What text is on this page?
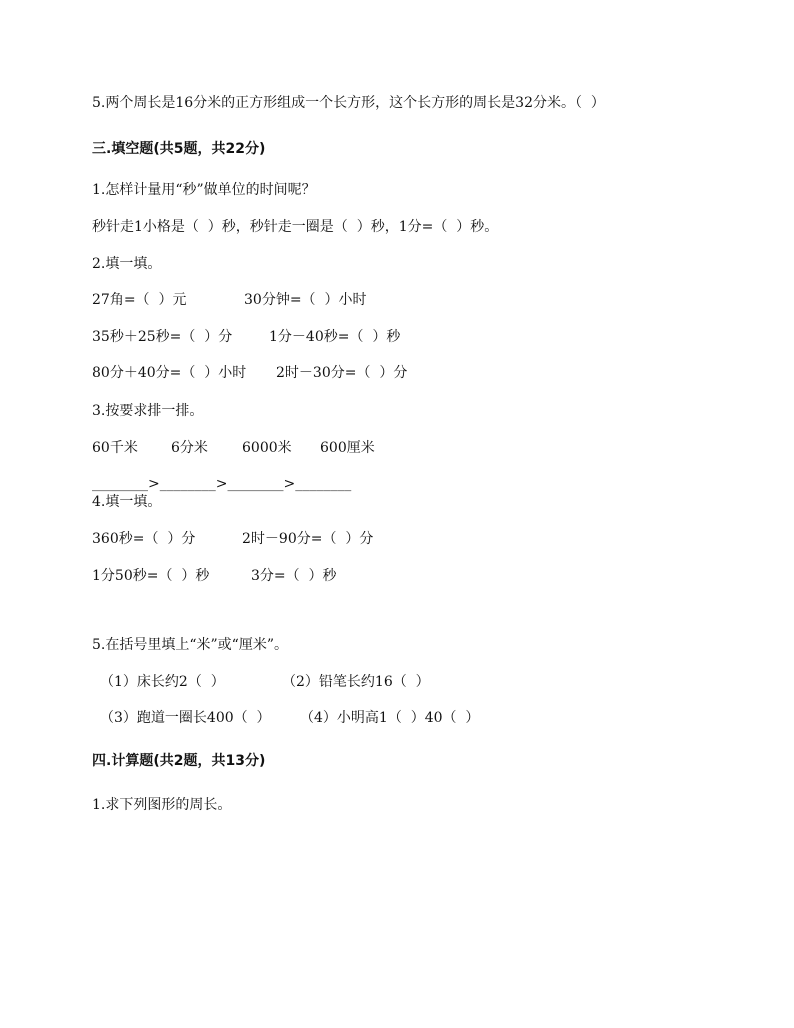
5.两个周长是16分米的正方形组成一个长方形，这个长方形的周长是32分米。（  ）
三.填空题(共5题，共22分)
1.怎样计量用“秒”做单位的时间呢？
秒针走1小格是（  ）秒，秒针走一圈是（  ）秒，1分=（  ）秒。
2.填一填。
27角=（  ）元	30分钟=（  ）小时
35秒＋25秒=（  ）分	1分－40秒=（  ）秒
80分＋40分=（  ）小时 2时－30分=（  ）分
3.按要求排一排。
60千米 6分米 6000米 600厘米
________>________>________>________
4.填一填。
360秒=（  ）分	2时－90分=（  ）分
1分50秒=（  ）秒	3分=（  ）秒
5.在括号里填上“米”或“厘米”。
（1）床长约2（  ）	（2）铅笔长约16（  ）
（3）跑道一圈长400（  ） （4）小明高1（  ）40（  ）
四.计算题(共2题，共13分)
1.求下列图形的周长。
